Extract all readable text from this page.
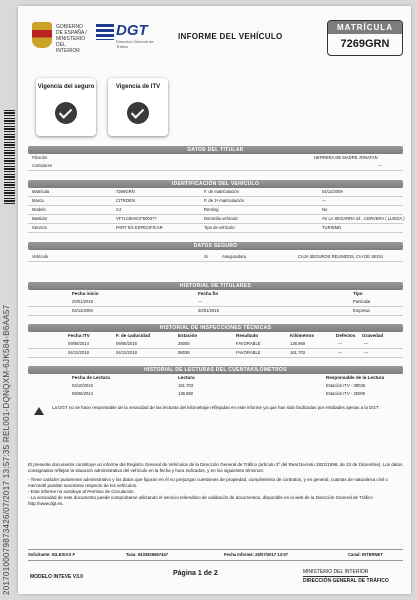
20170100079873426/07/2017 13:57:35 REL001-DQNQXM-6JK584-B6AA57
GOBIERNO DE ESPAÑA / MINISTERIO DEL INTERIOR
DGT
Dirección General de Tráfico
INFORME DEL VEHÍCULO
MATRÍCULA
7269GRN
Vigencia del seguro	Vigencia de ITV
DATOS DEL TITULAR
Filiación	HERRERA DE MADRE JONATAN
Cotitulares	---
IDENTIFICACIÓN DEL VEHÍCULO
Matrícula	7269GRN	F. de matriculación	04/11/2009
Marca	CITROEN	F. de 1ª matriculación	---
Modelo	C4	Renting	No
Bastidor	VF7LC8HXCF5003??	Domicilio vehículo	AV LA SEGARRA 44 , CERVERA ( LLEIDA )
Servicio	PART 0/4 ESPECIFICAR	Tipo de vehículo	TURISMO
DATOS SEGURO
Vehículo	Si	Aseguradora	CAJA SEGUROS REUNIDOS, CIA DE SEGU
HISTORIAL DE TITULARES
Fecha inicio	Fecha fin	Tipo
20/01/2015	---	Particular
04/11/2009	20/01/2015	Empresa
HISTORIAL DE INSPECCIONES TÉCNICAS
Fecha ITV	F. de caducidad	Estación	Resultado	Kilómetros	Defectos Gravedad
09/06/2014	09/06/2016	25005	FAVORABLE	136.960	---	---
04/12/2018	04/12/2018	08036	FAVORABLE	161.703	---	---
HISTORIAL DE LECTURAS DEL CUENTAKILÓMETROS
Fecha de Lectura	Lectura	Responsable de la Lectura
04/10/2016	161.703	Estación ITV - 08036
09/06/2014	136.960	Estación ITV - 25005
La DGT no se hace responsable de la veracidad de las lecturas del kilometraje reflejadas en este informe ya que han sido facilitadas por entidades ajenas a la DGT
El presente documento constituye un informe del Registro General de Vehículos de la Dirección General de Tráfico (artículo 2º del Real Decreto 2822/1998, de 23 de Diciembre). Los datos consignados reflejan la situación administrativa del vehículo en la fecha y hora indicados, y en los siguientes términos:
- Tiene carácter puramente administrativo y los datos que figuran en él no prejuzgan cuestiones de propiedad, cumplimiento de contratos, y en general, cuantas de naturaleza civil o mercantil puedan suscitarse respecto de los vehículos.
- Este informe no sustituye al Permiso de Circulación.
- La veracidad de este documento puede comprobarse utilizando el servicio telemático de validación de documentos, disponible en la web de la Dirección General de Tráfico http://www.dgt.es.
Solicitante: IGLESIAS F	Tasa: 9433526657447	Fecha Informe: 26/07/2017 13:57	Canal: INTERNET
MODELO INTEVE V3.0	Página 1 de 2	MINISTERIO DEL INTERIOR
DIRECCIÓN GENERAL DE TRÁFICO
